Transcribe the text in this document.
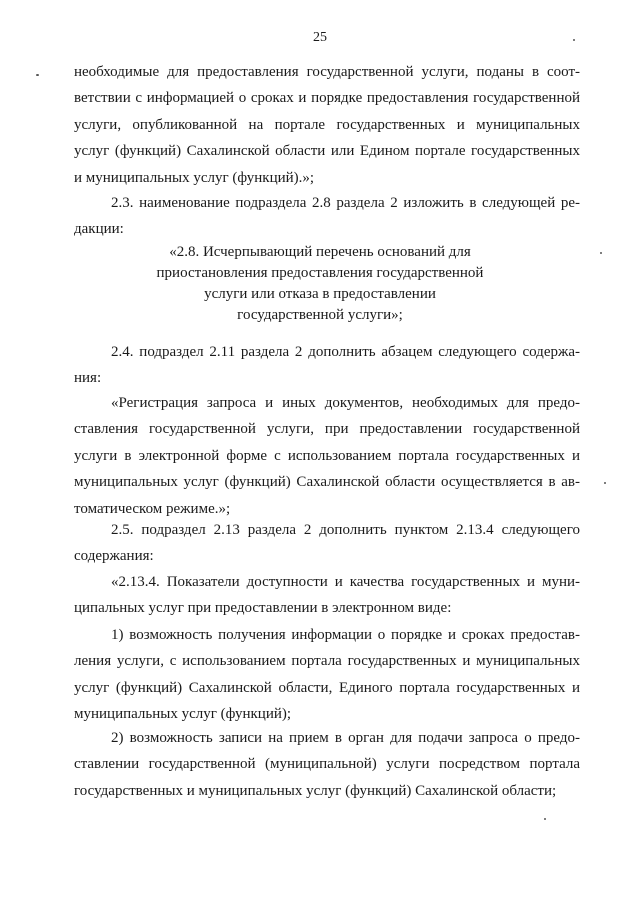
25
необходимые для предоставления государственной услуги, поданы в соот-
ветствии с информацией о сроках и порядке предоставления государственной
услуги, опубликованной на портале государственных и муниципальных
услуг (функций) Сахалинской области или Едином портале государственных
и муниципальных услуг (функций).»;
2.3. наименование подраздела 2.8 раздела 2 изложить в следующей ре-
дакции:
«2.8. Исчерпывающий перечень оснований для
приостановления предоставления государственной
услуги или отказа в предоставлении
государственной услуги»;
2.4. подраздел 2.11 раздела 2 дополнить абзацем следующего содержа-
ния:
«Регистрация запроса и иных документов, необходимых для предо-
ставления государственной услуги, при предоставлении государственной
услуги в электронной форме с использованием портала государственных и
муниципальных услуг (функций) Сахалинской области осуществляется в ав-
томатическом режиме.»;
2.5. подраздел 2.13 раздела 2 дополнить пунктом 2.13.4 следующего
содержания:
«2.13.4. Показатели доступности и качества государственных и муни-
ципальных услуг при предоставлении в электронном виде:
1) возможность получения информации о порядке и сроках предостав-
ления услуги, с использованием портала государственных и муниципальных
услуг (функций) Сахалинской области, Единого портала государственных и
муниципальных услуг (функций);
2) возможность записи на прием в орган для подачи запроса о предо-
ставлении государственной (муниципальной) услуги посредством портала
государственных и муниципальных услуг (функций) Сахалинской области;
